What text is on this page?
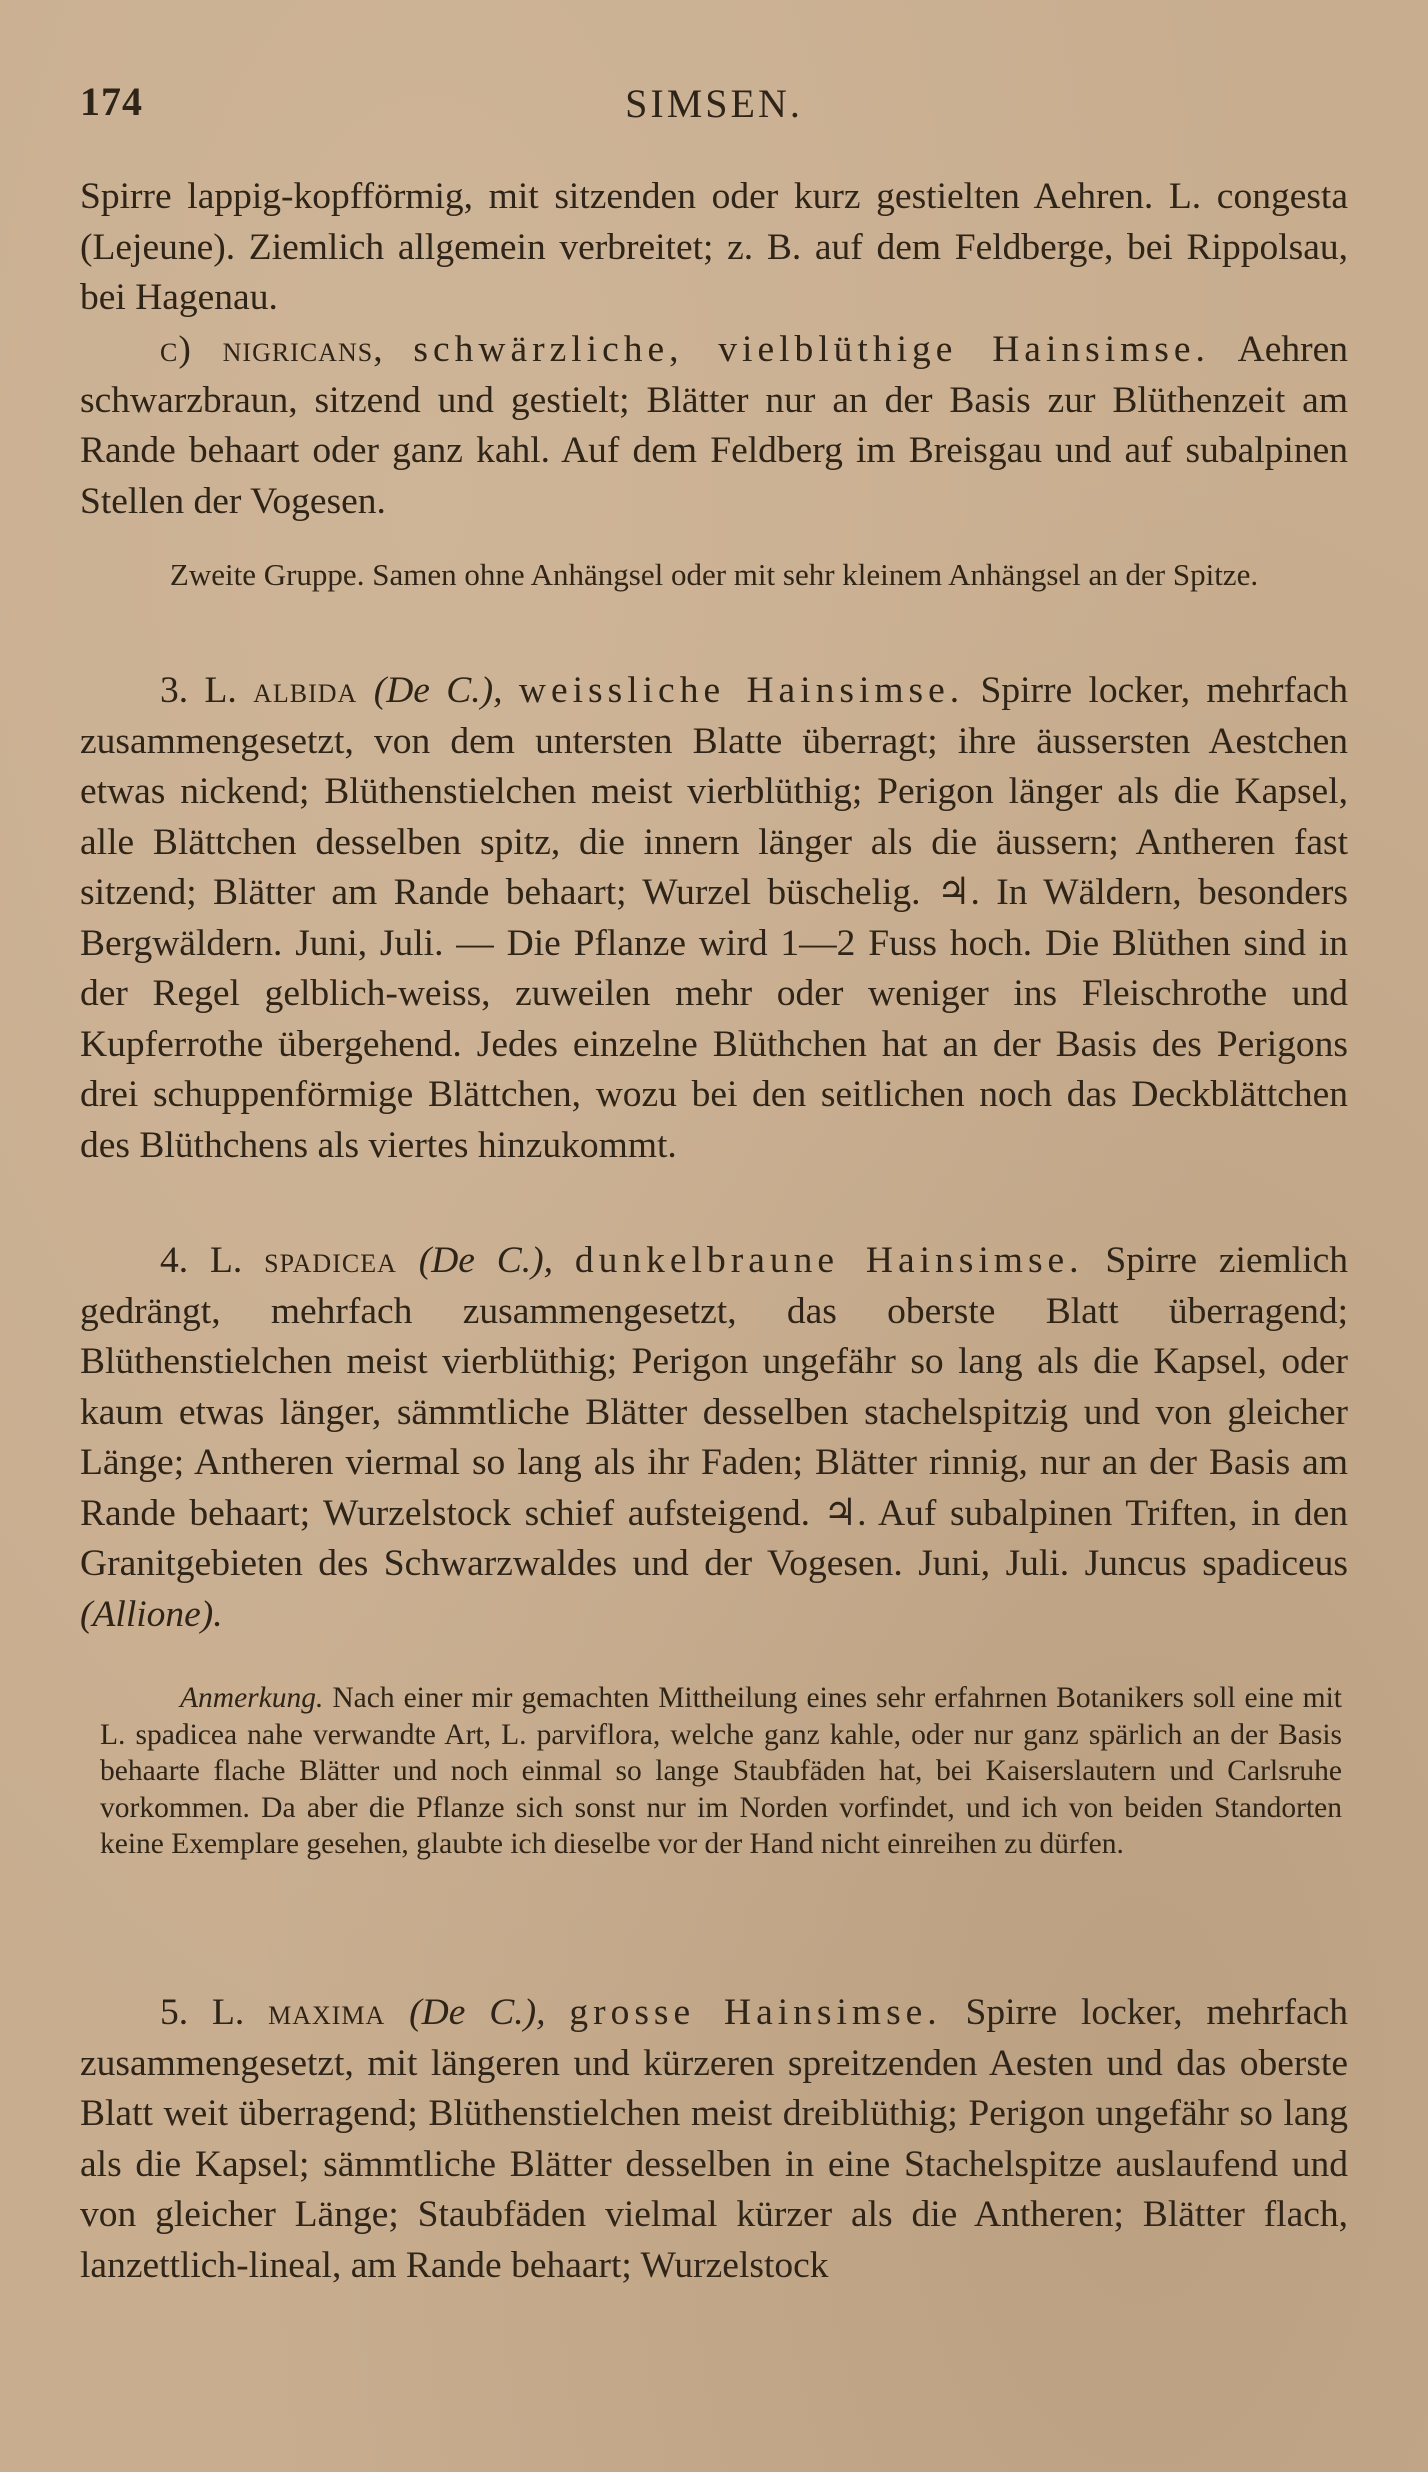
174	SIMSEN.

Spirre lappig-kopfförmig, mit sitzenden oder kurz gestielten Aehren. L. congesta (Lejeune). Ziemlich allgemein verbreitet; z. B. auf dem Feldberge, bei Rippolsau, bei Hagenau.

c) nigricans, schwärzliche, vielblüthige Hainsimse. Aehren schwarzbraun, sitzend und gestielt; Blätter nur an der Basis zur Blüthenzeit am Rande behaart oder ganz kahl. Auf dem Feldberg im Breisgau und auf subalpinen Stellen der Vogesen.

Zweite Gruppe. Samen ohne Anhängsel oder mit sehr kleinem Anhängsel an der Spitze.

3. L. albida (De C.), weissliche Hainsimse. Spirre locker, mehrfach zusammengesetzt, von dem untersten Blatte überragt; ihre äussersten Aestchen etwas nickend; Blüthenstielchen meist vierblüthig; Perigon länger als die Kapsel, alle Blättchen desselben spitz, die innern länger als die äussern; Antheren fast sitzend; Blätter am Rande behaart; Wurzel büschelig. ♃. In Wäldern, besonders Bergwäldern. Juni, Juli. — Die Pflanze wird 1—2 Fuss hoch. Die Blüthen sind in der Regel gelblich-weiss, zuweilen mehr oder weniger ins Fleischrothe und Kupferrothe übergehend. Jedes einzelne Blüthchen hat an der Basis des Perigons drei schuppenförmige Blättchen, wozu bei den seitlichen noch das Deckblättchen des Blüthchens als viertes hinzukommt.

4. L. spadicea (De C.), dunkelbraune Hainsimse. Spirre ziemlich gedrängt, mehrfach zusammengesetzt, das oberste Blatt überragend; Blüthenstielchen meist vierblüthig; Perigon ungefähr so lang als die Kapsel, oder kaum etwas länger, sämmtliche Blätter desselben stachelspitzig und von gleicher Länge; Antheren viermal so lang als ihr Faden; Blätter rinnig, nur an der Basis am Rande behaart; Wurzelstock schief aufsteigend. ♃. Auf subalpinen Triften, in den Granitgebieten des Schwarzwaldes und der Vogesen. Juni, Juli. Juncus spadiceus (Allione).

Anmerkung. Nach einer mir gemachten Mittheilung eines sehr erfahrnen Botanikers soll eine mit L. spadicea nahe verwandte Art, L. parviflora, welche ganz kahle, oder nur ganz spärlich an der Basis behaarte flache Blätter und noch einmal so lange Staubfäden hat, bei Kaiserslautern und Carlsruhe vorkommen. Da aber die Pflanze sich sonst nur im Norden vorfindet, und ich von beiden Standorten keine Exemplare gesehen, glaubte ich dieselbe vor der Hand nicht einreihen zu dürfen.

5. L. maxima (De C.), grosse Hainsimse. Spirre locker, mehrfach zusammengesetzt, mit längeren und kürzeren spreitzenden Aesten und das oberste Blatt weit überragend; Blüthenstielchen meist dreiblüthig; Perigon ungefähr so lang als die Kapsel; sämmtliche Blätter desselben in eine Stachelspitze auslaufend und von gleicher Länge; Staubfäden vielmal kürzer als die Antheren; Blätter flach, lanzettlich-lineal, am Rande behaart; Wurzelstock
